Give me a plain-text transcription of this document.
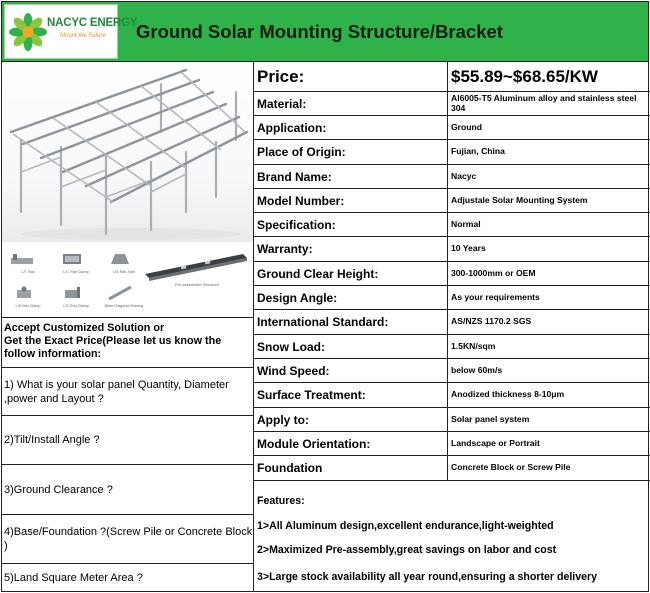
NACYC ENERGY
Mount the Future Ground Solar Mounting Structure/Bracket
L/T Rail	L/C Rail Clamp	L/S Rail Joint
L/D Mid Clamp	L/E End Clamp	Base Diagonal Bracing
Pre-assembled Structure
Accept Customized Solution or
Get the Exact Price(Please let us know the follow information:
1) What is your solar panel Quantity, Diameter ,power and Layout ?
2)Tilt/Install Angle ?
3)Ground Clearance ?
4)Base/Foundation ?(Screw Pile or Concrete Block )
5)Land Square Meter Area ?
Price:	$55.89~$68.65/KW
Material:	Al6005-T5 Aluminum alloy and stainless steel 304
Application:	Ground
Place of Origin:	Fujian, China
Brand Name:	Nacyc
Model Number:	Adjustale Solar Mounting System
Specification:	Normal
Warranty:	10 Years
Ground Clear Height:	300-1000mm or OEM
Design Angle:	As your requirements
International Standard:	AS/NZS 1170.2 SGS
Snow Load:	1.5KN/sqm
Wind Speed:	below 60m/s
Surface Treatment:	Anodized thickness 8-10μm
Apply to:	Solar panel system
Module Orientation:	Landscape or Portrait
Foundation	Concrete Block or Screw Pile
Features:
1>All Aluminum design,excellent endurance,light-weighted
2>Maximized Pre-assembly,great savings on labor and cost
3>Large stock availability all year round,ensuring a shorter delivery
